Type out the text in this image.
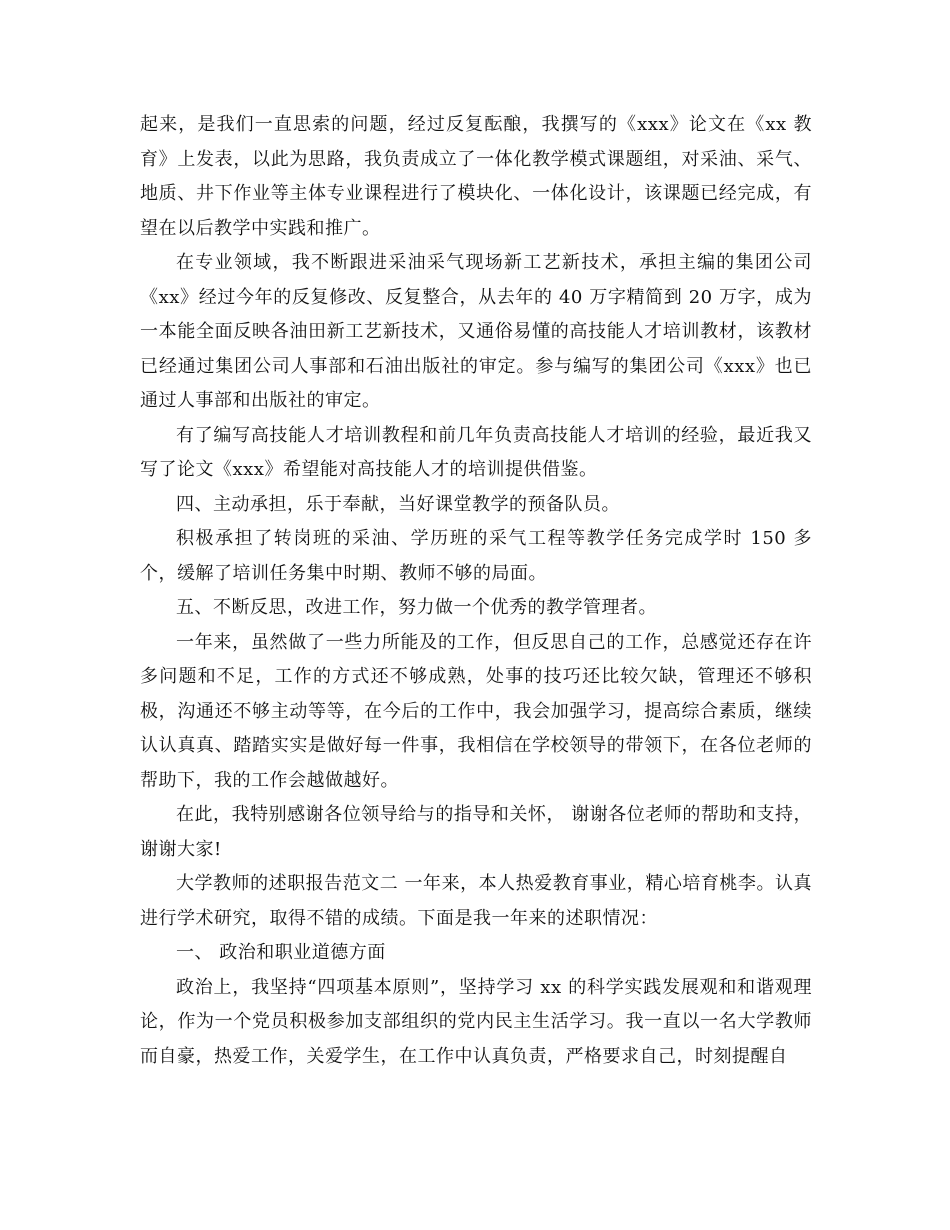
起来，是我们一直思索的问题，经过反复酝酿，我撰写的《xxx》论文在《xx 教育》上发表，以此为思路，我负责成立了一体化教学模式课题组，对采油、采气、地质、井下作业等主体专业课程进行了模块化、一体化设计，该课题已经完成，有望在以后教学中实践和推广。

在专业领域，我不断跟进采油采气现场新工艺新技术，承担主编的集团公司《xx》经过今年的反复修改、反复整合，从去年的 40 万字精简到 20 万字，成为一本能全面反映各油田新工艺新技术，又通俗易懂的高技能人才培训教材，该教材已经通过集团公司人事部和石油出版社的审定。参与编写的集团公司《xxx》也已通过人事部和出版社的审定。

有了编写高技能人才培训教程和前几年负责高技能人才培训的经验，最近我又写了论文《xxx》希望能对高技能人才的培训提供借鉴。

四、主动承担，乐于奉献，当好课堂教学的预备队员。

积极承担了转岗班的采油、学历班的采气工程等教学任务完成学时 150 多个，缓解了培训任务集中时期、教师不够的局面。

五、不断反思，改进工作，努力做一个优秀的教学管理者。

一年来，虽然做了一些力所能及的工作，但反思自己的工作，总感觉还存在许多问题和不足，工作的方式还不够成熟，处事的技巧还比较欠缺，管理还不够积极，沟通还不够主动等等，在今后的工作中，我会加强学习，提高综合素质，继续认认真真、踏踏实实是做好每一件事，我相信在学校领导的带领下，在各位老师的帮助下，我的工作会越做越好。

在此，我特别感谢各位领导给与的指导和关怀， 谢谢各位老师的帮助和支持，谢谢大家!

大学教师的述职报告范文二 一年来，本人热爱教育事业，精心培育桃李。认真进行学术研究，取得不错的成绩。下面是我一年来的述职情况：

一、 政治和职业道德方面

政治上，我坚持“四项基本原则”，坚持学习 xx 的科学实践发展观和和谐观理论，作为一个党员积极参加支部组织的党内民主生活学习。我一直以一名大学教师而自豪，热爱工作，关爱学生，在工作中认真负责，严格要求自己，时刻提醒自
